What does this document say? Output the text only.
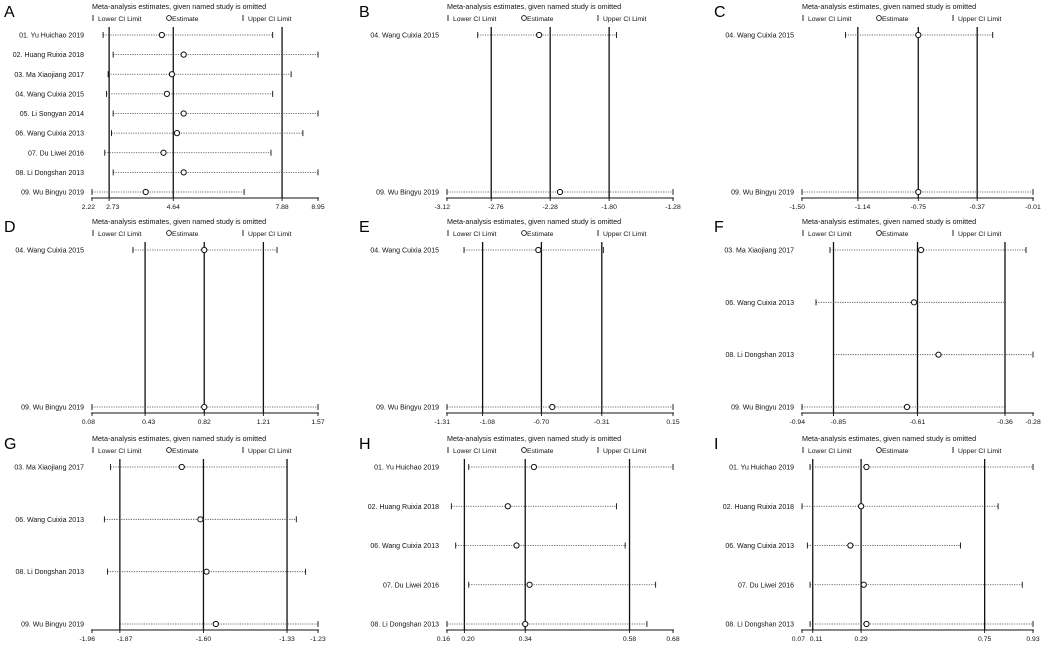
A	Meta-analysis estimates, given named study is omitted
Lower CI Limit	Estimate	Upper CI Limit
2.22 2.73	4.64	7.88	8.95
01. Yu Huichao 2019
02. Huang Ruixia 2018
03. Ma Xiaojiang 2017
04. Wang Cuixia 2015
05. Li Songyan 2014
06. Wang Cuixia 2013
07. Du Liwei 2016
08. Li Dongshan 2013
09. Wu Bingyu 2019
B	Meta-analysis estimates, given named study is omitted
Lower CI Limit	Estimate	Upper CI Limit
-3.12	-2.76	-2.28	-1.80	-1.28
04. Wang Cuixia 2015
09. Wu Bingyu 2019
C	Meta-analysis estimates, given named study is omitted
Lower CI Limit	Estimate	Upper CI Limit
-1.50	-1.14	-0.75	-0.37	-0.01
04. Wang Cuixia 2015
09. Wu Bingyu 2019
D	Meta-analysis estimates, given named study is omitted
Lower CI Limit	Estimate	Upper CI Limit
0.08	0.43	0.82	1.21	1.57
04. Wang Cuixia 2015
09. Wu Bingyu 2019
E	Meta-analysis estimates, given named study is omitted
Lower CI Limit	Estimate	Upper CI Limit
-1.31	-1.08	-0.70	-0.31	0.15
04. Wang Cuixia 2015
09. Wu Bingyu 2019
F	Meta-analysis estimates, given named study is omitted
Lower CI Limit	Estimate	Upper CI Limit
-0.94	-0.85	-0.61	-0.36 -0.28
03. Ma Xiaojiang 2017
06. Wang Cuixia 2013
08. Li Dongshan 2013
09. Wu Bingyu 2019
G	Meta-analysis estimates, given named study is omitted
Lower CI Limit	Estimate	Upper CI Limit
-1.96	-1.87	-1.60	-1.33 -1.23
03. Ma Xiaojiang 2017
06. Wang Cuixia 2013
08. Li Dongshan 2013
09. Wu Bingyu 2019
H	Meta-analysis estimates, given named study is omitted
Lower CI Limit	Estimate	Upper CI Limit
0.16 0.20	0.34	0.58	0.68
01. Yu Huichao 2019
02. Huang Ruixia 2018
06. Wang Cuixia 2013
07. Du Liwei 2016
08. Li Dongshan 2013
I	Meta-analysis estimates, given named study is omitted
Lower CI Limit	Estimate	Upper CI Limit
0.07 0.11	0.29	0.75	0.93
01. Yu Huichao 2019
02. Huang Ruixia 2018
06. Wang Cuixia 2013
07. Du Liwei 2016
08. Li Dongshan 2013
